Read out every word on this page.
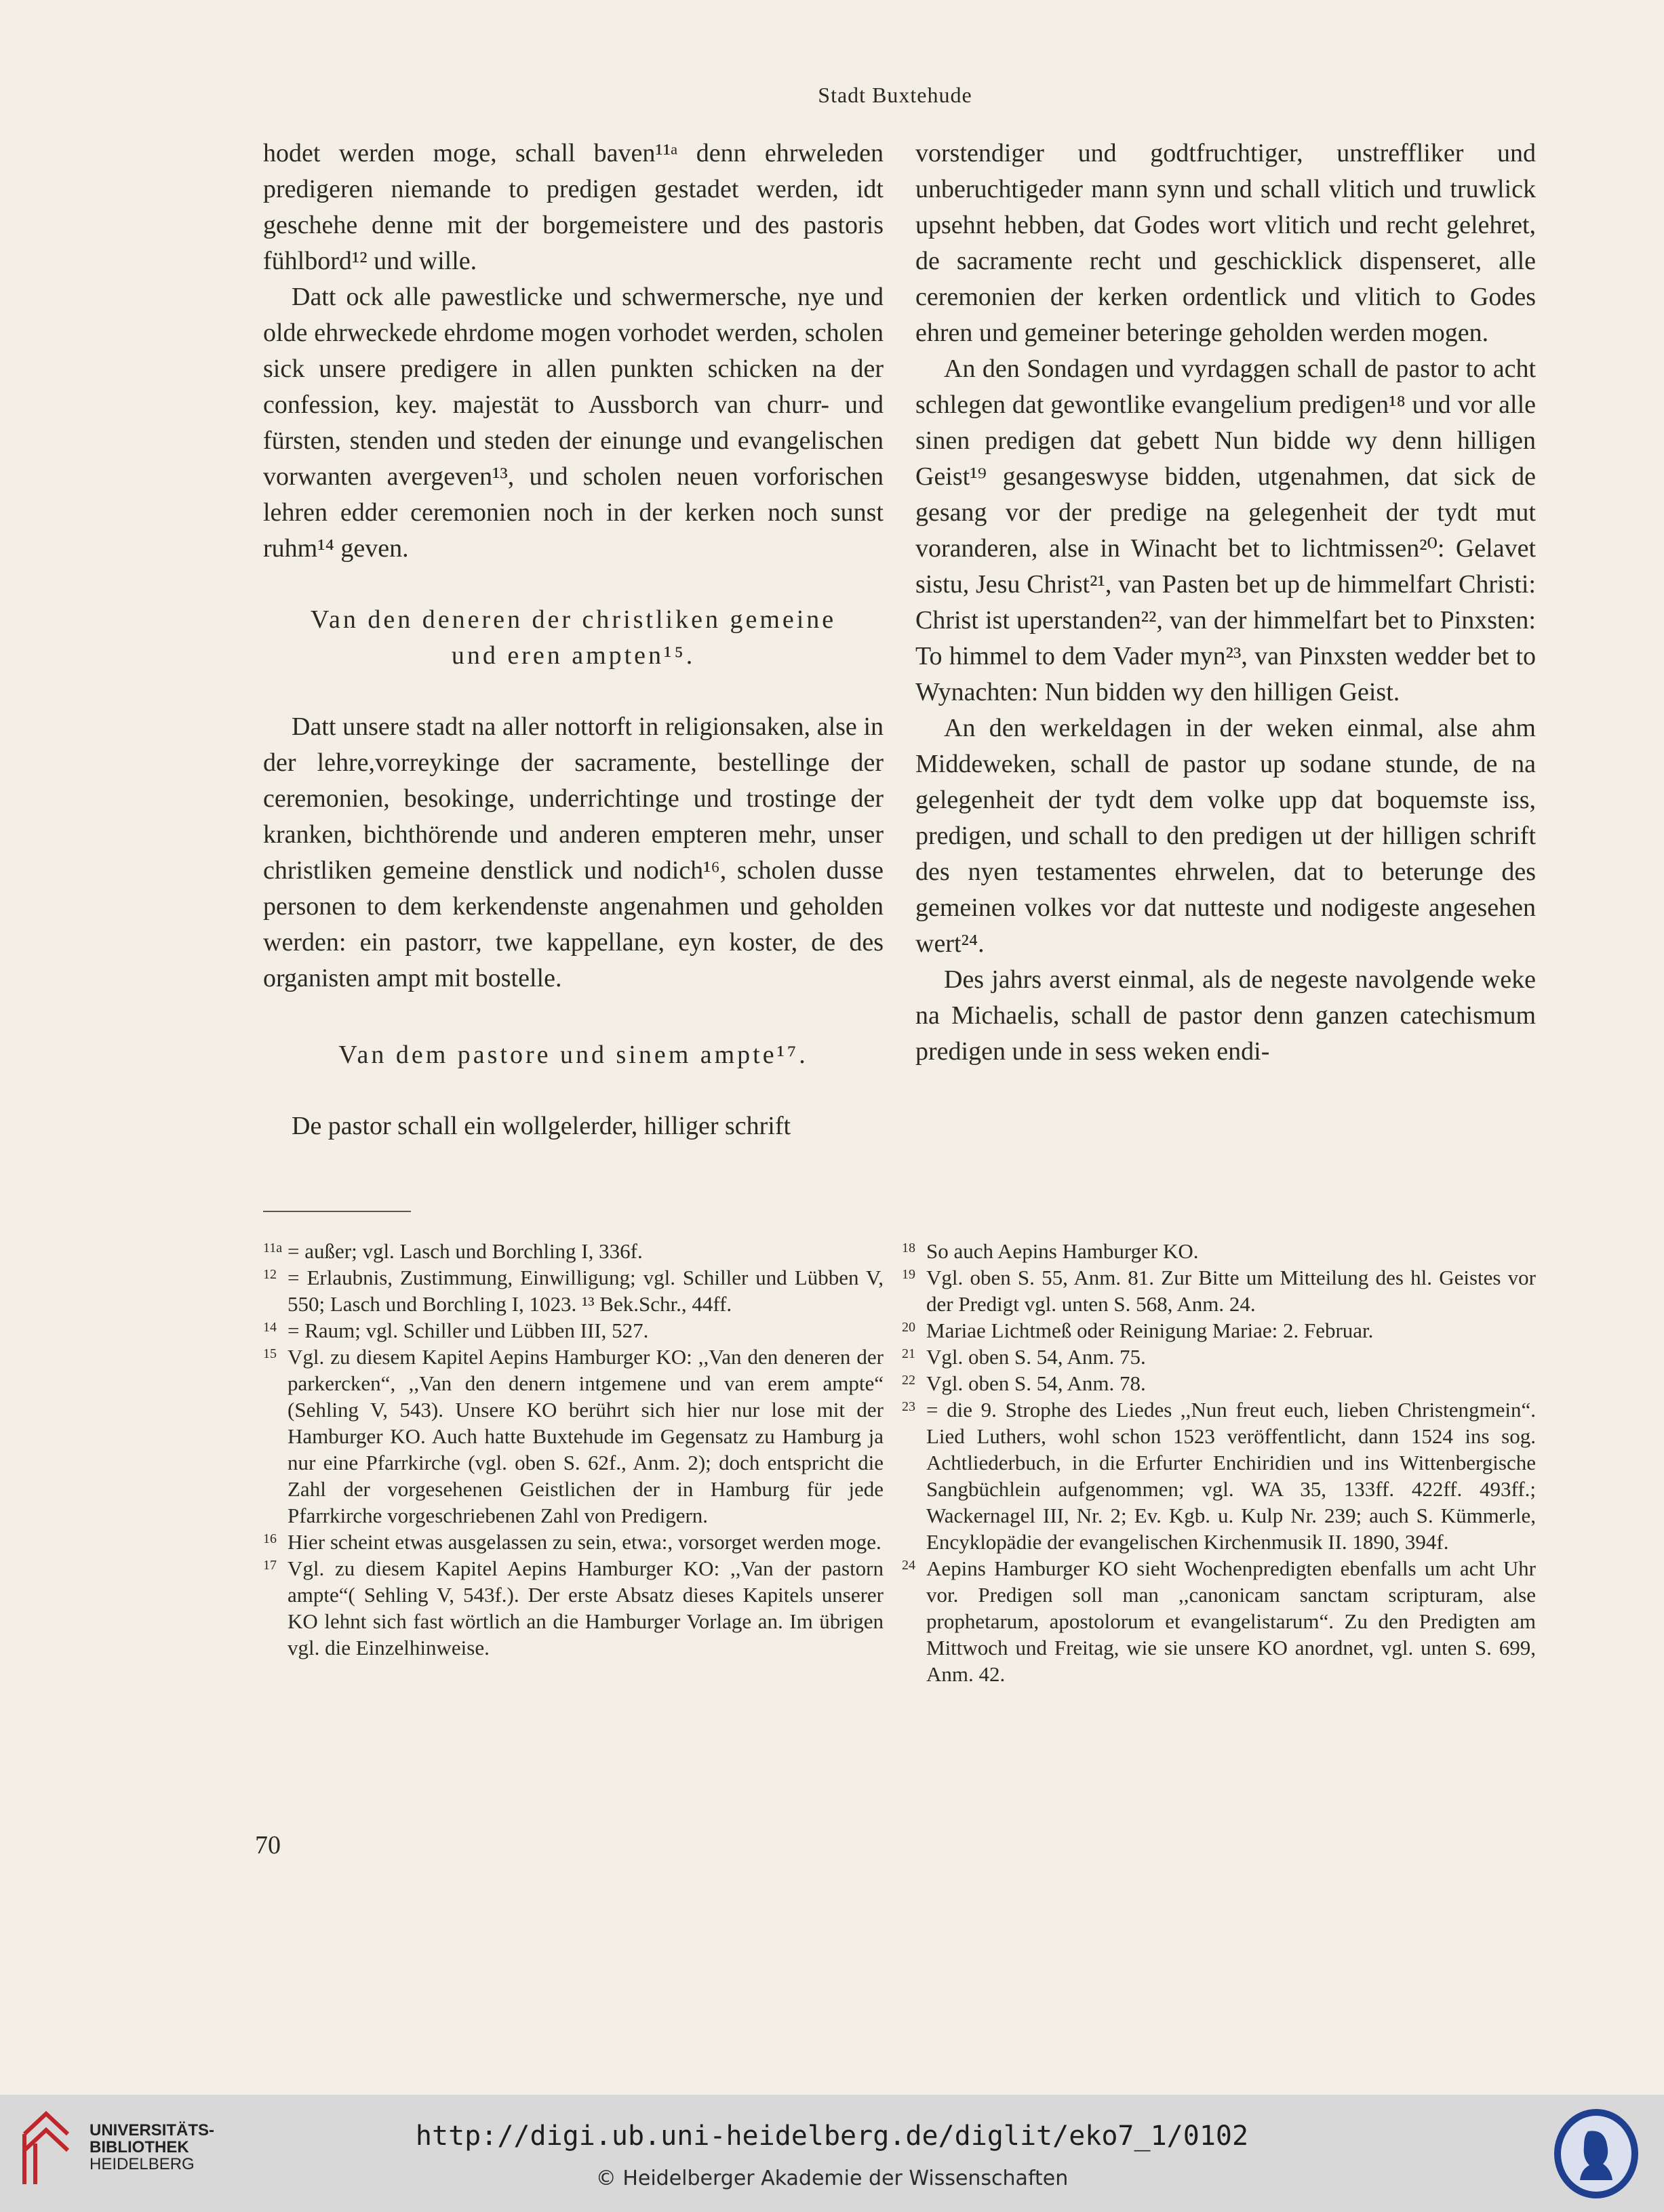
Stadt Buxtehude

hodet werden moge, schall baven¹¹ᵃ denn ehrweleden predigeren niemande to predigen gestadet werden, idt geschehe denne mit der borgemeistere und des pastoris fühlbord¹² und wille.

Datt ock alle pawestlicke und schwermersche, nye und olde ehrweckede ehrdome mogen vorhodet werden, scholen sick unsere predigere in allen punkten schicken na der confession, key. majestät to Aussborch van churr- und fürsten, stenden und steden der einunge und evangelischen vorwanten avergeven¹³, und scholen neuen vorforischen lehren edder ceremonien noch in der kerken noch sunst ruhm¹⁴ geven.

Van den deneren der christliken gemeine
und eren ampten¹⁵.

Datt unsere stadt na aller nottorft in religionsaken, alse in der lehre,vorreykinge der sacramente, bestellinge der ceremonien, besokinge, underrichtinge und trostinge der kranken, bichthörende und anderen empteren mehr, unser christliken gemeine denstlick und nodich¹⁶, scholen dusse personen to dem kerkendenste angenahmen und geholden werden: ein pastorr, twe kappellane, eyn koster, de des organisten ampt mit bostelle.

Van dem pastore und sinem ampte¹⁷.

De pastor schall ein wollgelerder, hilliger schrift

vorstendiger und godtfruchtiger, unstreffliker und unberuchtigeder mann synn und schall vlitich und truwlick upsehnt hebben, dat Godes wort vlitich und recht gelehret, de sacramente recht und geschicklick dispenseret, alle ceremonien der kerken ordentlick und vlitich to Godes ehren und gemeiner beteringe geholden werden mogen.

An den Sondagen und vyrdaggen schall de pastor to acht schlegen dat gewontlike evangelium predigen¹⁸ und vor alle sinen predigen dat gebett Nun bidde wy denn hilligen Geist¹⁹ gesangeswyse bidden, utgenahmen, dat sick de gesang vor der predige na gelegenheit der tydt mut voranderen, alse in Winacht bet to lichtmissen²⁰: Gelavet sistu, Jesu Christ²¹, van Pasten bet up de himmelfart Christi: Christ ist uperstanden²², van der himmelfart bet to Pinxsten: To himmel to dem Vader myn²³, van Pinxsten wedder bet to Wynachten: Nun bidden wy den hilligen Geist.

An den werkeldagen in der weken einmal, alse ahm Middeweken, schall de pastor up sodane stunde, de na gelegenheit der tydt dem volke upp dat boquemste iss, predigen, und schall to den predigen ut der hilligen schrift des nyen testamentes ehrwelen, dat to beterunge des gemeinen volkes vor dat nutteste und nodigeste angesehen wert²⁴.

Des jahrs averst einmal, als de negeste navolgende weke na Michaelis, schall de pastor denn ganzen catechismum predigen unde in sess weken endi-

11a = außer; vgl. Lasch und Borchling I, 336f.
12 = Erlaubnis, Zustimmung, Einwilligung; vgl. Schiller und Lübben V, 550; Lasch und Borchling I, 1023. ¹³ Bek.Schr., 44ff.
14 = Raum; vgl. Schiller und Lübben III, 527.
15 Vgl. zu diesem Kapitel Aepins Hamburger KO: ,,Van den deneren der parkercken“, ,,Van den denern intgemene und van erem ampte“ (Sehling V, 543). Unsere KO berührt sich hier nur lose mit der Hamburger KO. Auch hatte Buxtehude im Gegensatz zu Hamburg ja nur eine Pfarrkirche (vgl. oben S. 62f., Anm. 2); doch entspricht die Zahl der vorgesehenen Geistlichen der in Hamburg für jede Pfarrkirche vorgeschriebenen Zahl von Predigern.
16 Hier scheint etwas ausgelassen zu sein, etwa:, vorsorget werden moge.
17 Vgl. zu diesem Kapitel Aepins Hamburger KO: ,,Van der pastorn ampte“( Sehling V, 543f.). Der erste Absatz dieses Kapitels unserer KO lehnt sich fast wörtlich an die Hamburger Vorlage an. Im übrigen vgl. die Einzelhinweise.
18 So auch Aepins Hamburger KO.
19 Vgl. oben S. 55, Anm. 81. Zur Bitte um Mitteilung des hl. Geistes vor der Predigt vgl. unten S. 568, Anm. 24.
20 Mariae Lichtmeß oder Reinigung Mariae: 2. Februar.
21 Vgl. oben S. 54, Anm. 75.
22 Vgl. oben S. 54, Anm. 78.
23 = die 9. Strophe des Liedes ,,Nun freut euch, lieben Christengmein“. Lied Luthers, wohl schon 1523 veröffentlicht, dann 1524 ins sog. Achtliederbuch, in die Erfurter Enchiridien und ins Wittenbergische Sangbüchlein aufgenommen; vgl. WA 35, 133ff. 422ff. 493ff.; Wackernagel III, Nr. 2; Ev. Kgb. u. Kulp Nr. 239; auch S. Kümmerle, Encyklopädie der evangelischen Kirchenmusik II. 1890, 394f.
24 Aepins Hamburger KO sieht Wochenpredigten ebenfalls um acht Uhr vor. Predigen soll man ,,canonicam sanctam scripturam, alse prophetarum, apostolorum et evangelistarum“. Zu den Predigten am Mittwoch und Freitag, wie sie unsere KO anordnet, vgl. unten S. 699, Anm. 42.
70
UNIVERSITÄTS-
BIBLIOTHEK
HEIDELBERG
http://digi.ub.uni-heidelberg.de/diglit/eko7_1/0102
© Heidelberger Akademie der Wissenschaften
